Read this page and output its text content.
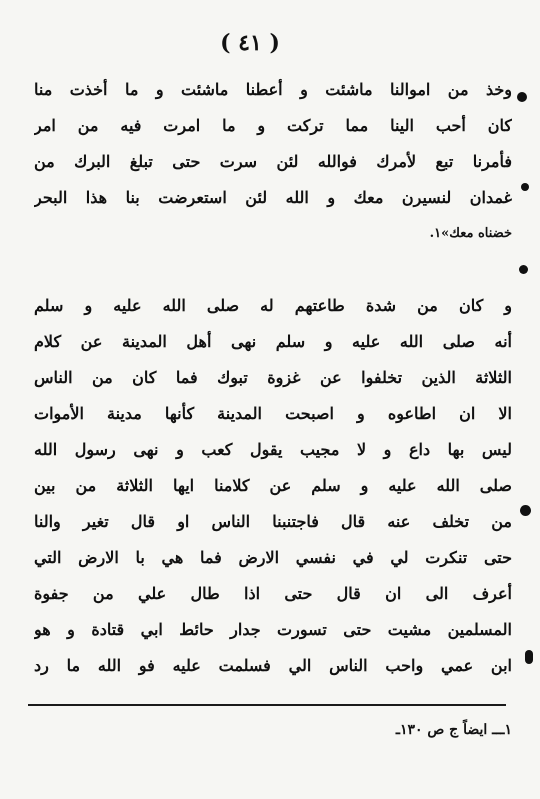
( ٤١ )
وخذ من اموالنا ماشئت و أعطنا ماشئت و ما أخذت منا
كان أحب الينا مما تركت و ما امرت فيه من امر
فأمرنا تبع لأمرك فوالله لئن سرت حتى تبلغ البرك من
غمدان لنسيرن معك و الله لئن استعرضت بنا هذا البحر
خضناه معك»١.
و كان من شدة طاعتهم له صلى الله عليه و سلم
أنه صلى الله عليه و سلم نهى أهل المدينة عن كلام
الثلاثة الذين تخلفوا عن غزوة تبوك فما كان من الناس
الا ان اطاعوه و اصبحت المدينة كأنها مدينة الأموات
ليس بها داع و لا مجيب يقول كعب و نهى رسول الله
صلى الله عليه و سلم عن كلامنا ايها الثلاثة من بين
من تخلف عنه قال فاجتنبنا الناس او قال تغير والنا
حتى تنكرت لي في نفسي الارض فما هي با الارض التي
أعرف الى ان قال حتى اذا طال علي من جفوة
المسلمين مشيت حتى تسورت جدار حائط ابي قتادة و هو
ابن عمي واحب الناس الي فسلمت عليه فو الله ما رد
١ـــ ايضاً ج ص ١٣٠ـ
